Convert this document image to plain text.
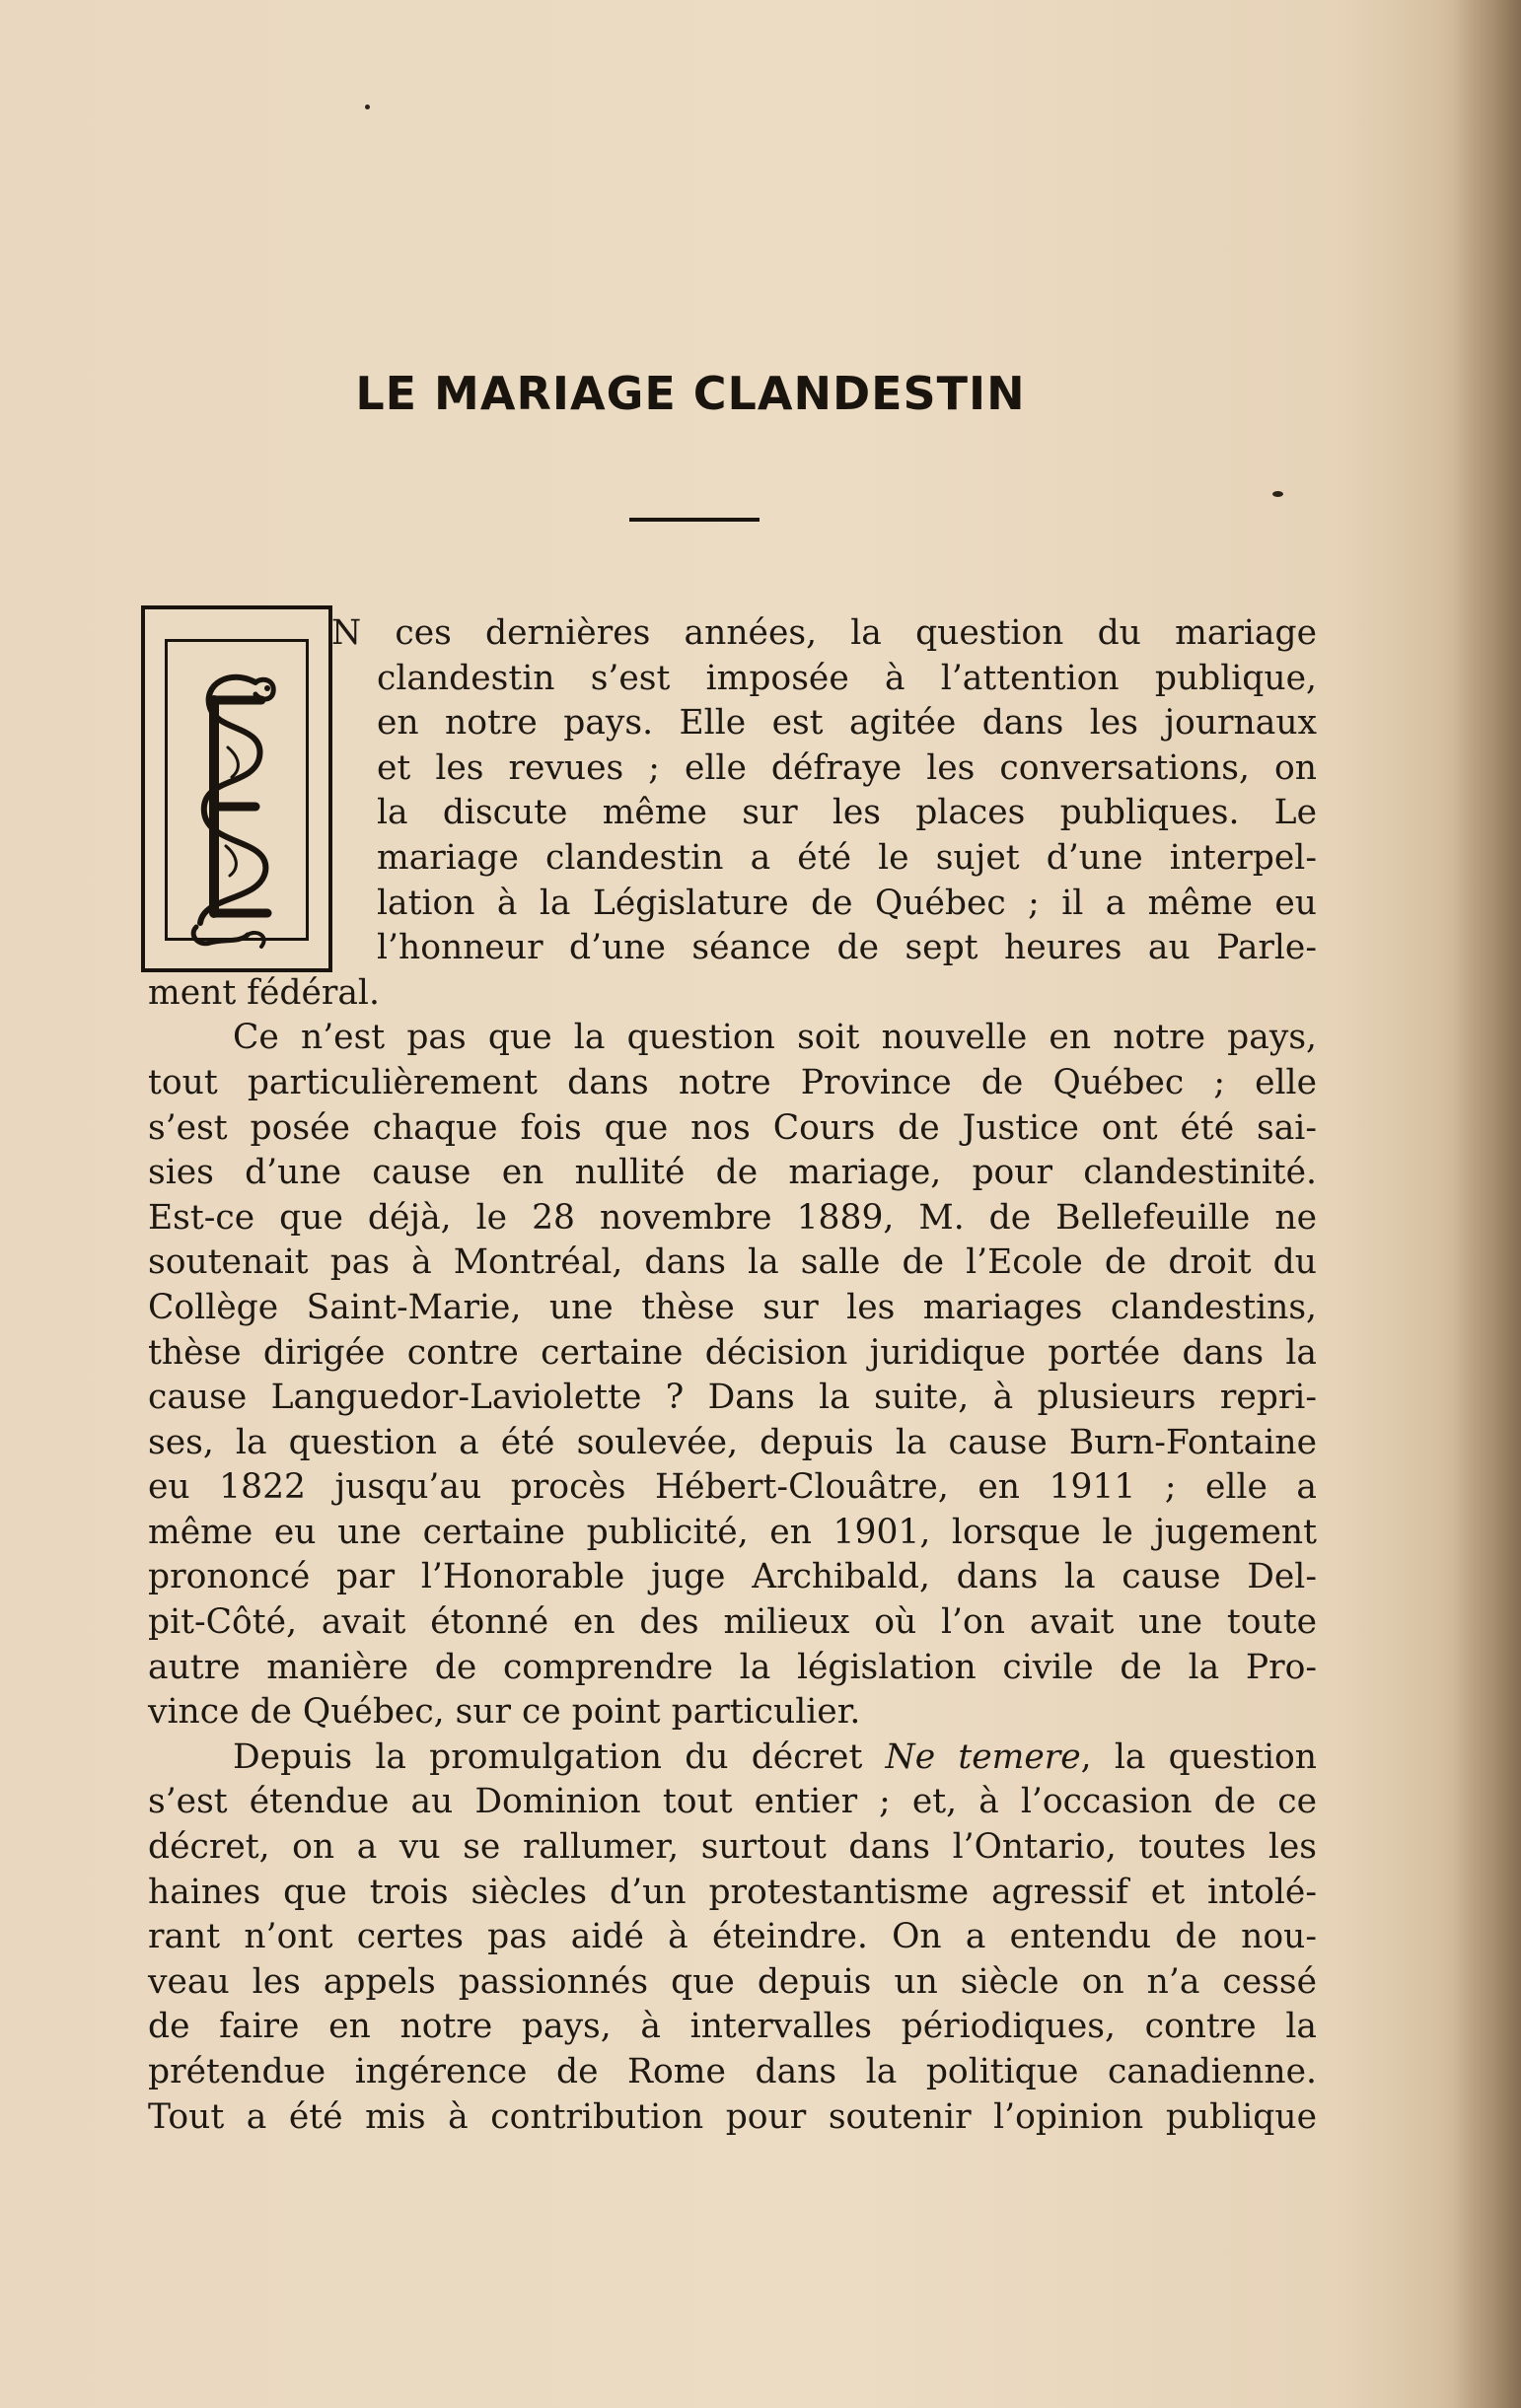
LE MARIAGE CLANDESTIN

N ces dernières années, la question du mariage
clandestin s’est imposée à l’attention publique,
en notre pays. Elle est agitée dans les journaux
et les revues ; elle défraye les conversations, on
la discute même sur les places publiques. Le
mariage clandestin a été le sujet d’une interpel-
lation à la Législature de Québec ; il a même eu
l’honneur d’une séance de sept heures au Parle-
ment fédéral.

Ce n’est pas que la question soit nouvelle en notre pays,
tout particulièrement dans notre Province de Québec ; elle
s’est posée chaque fois que nos Cours de Justice ont été sai-
sies d’une cause en nullité de mariage, pour clandestinité.
Est-ce que déjà, le 28 novembre 1889, M. de Bellefeuille ne
soutenait pas à Montréal, dans la salle de l’Ecole de droit du
Collège Saint-Marie, une thèse sur les mariages clandestins,
thèse dirigée contre certaine décision juridique portée dans la
cause Languedor-Laviolette ? Dans la suite, à plusieurs repri-
ses, la question a été soulevée, depuis la cause Burn-Fontaine
eu 1822 jusqu’au procès Hébert-Clouâtre, en 1911 ; elle a
même eu une certaine publicité, en 1901, lorsque le jugement
prononcé par l’Honorable juge Archibald, dans la cause Del-
pit-Côté, avait étonné en des milieux où l’on avait une toute
autre manière de comprendre la législation civile de la Pro-
vince de Québec, sur ce point particulier.

Depuis la promulgation du décret Ne temere, la question
s’est étendue au Dominion tout entier ; et, à l’occasion de ce
décret, on a vu se rallumer, surtout dans l’Ontario, toutes les
haines que trois siècles d’un protestantisme agressif et intolé-
rant n’ont certes pas aidé à éteindre. On a entendu de nou-
veau les appels passionnés que depuis un siècle on n’a cessé
de faire en notre pays, à intervalles périodiques, contre la
prétendue ingérence de Rome dans la politique canadienne.
Tout a été mis à contribution pour soutenir l’opinion publique
